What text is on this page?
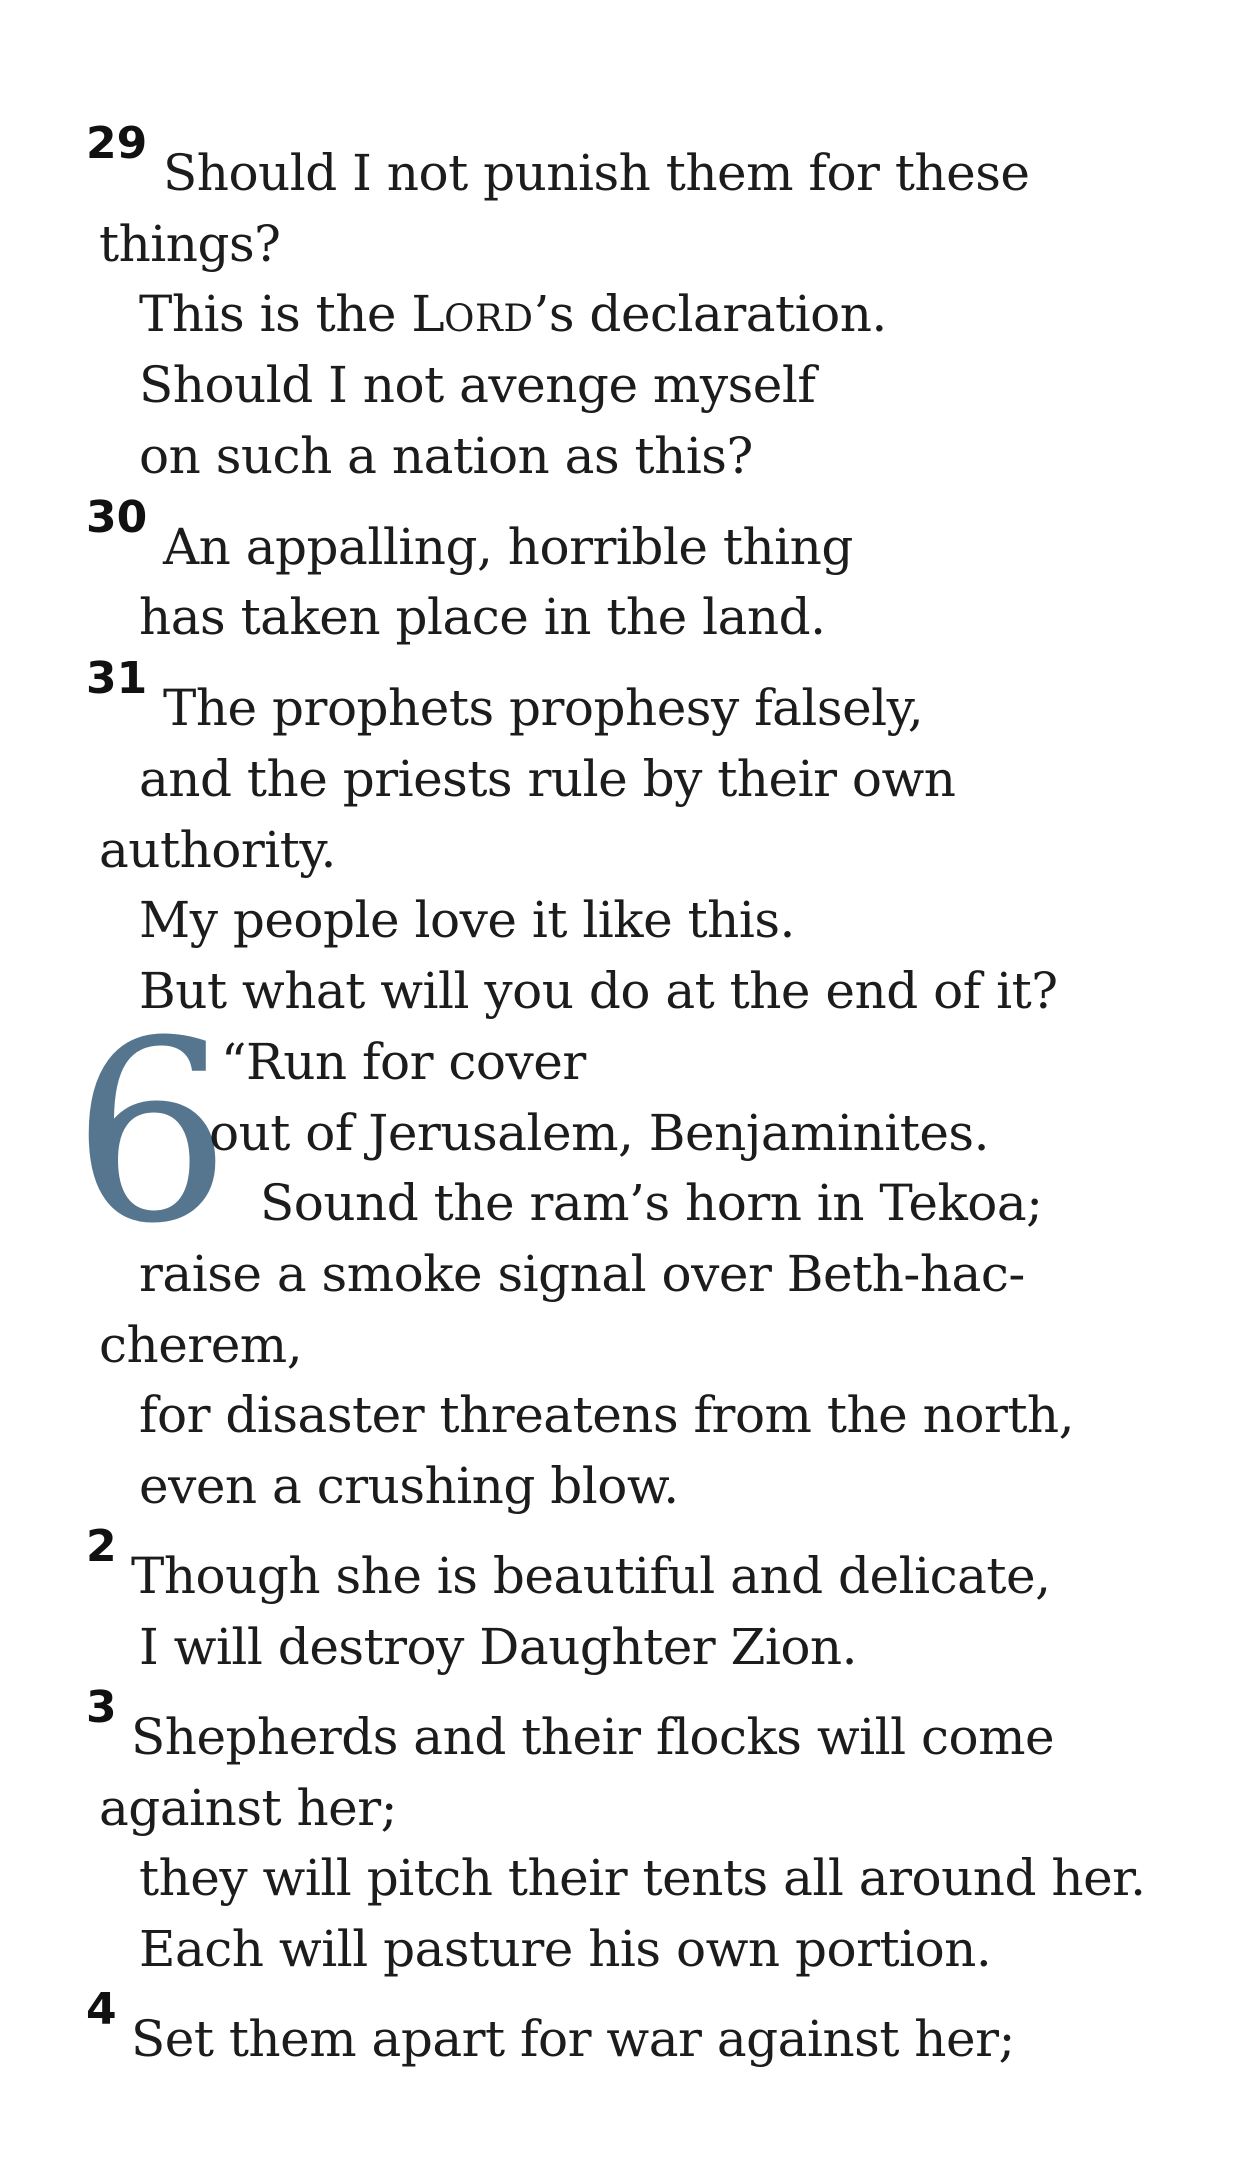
29
Should I not punish them for these
things?
This is the LORD’s declaration.
Should I not avenge myself
on such a nation as this?
30
An appalling, horrible thing
has taken place in the land.
31
The prophets prophesy falsely,
and the priests rule by their own
authority.
My people love it like this.
But what will you do at the end of it?
6
“Run for cover
out of Jerusalem, Benjaminites.
Sound the ram’s horn in Tekoa;
raise a smoke signal over Beth-hac-
cherem,
for disaster threatens from the north,
even a crushing blow.
2
Though she is beautiful and delicate,
I will destroy Daughter Zion.
3
Shepherds and their flocks will come
against her;
they will pitch their tents all around her.
Each will pasture his own portion.
4
Set them apart for war against her;
